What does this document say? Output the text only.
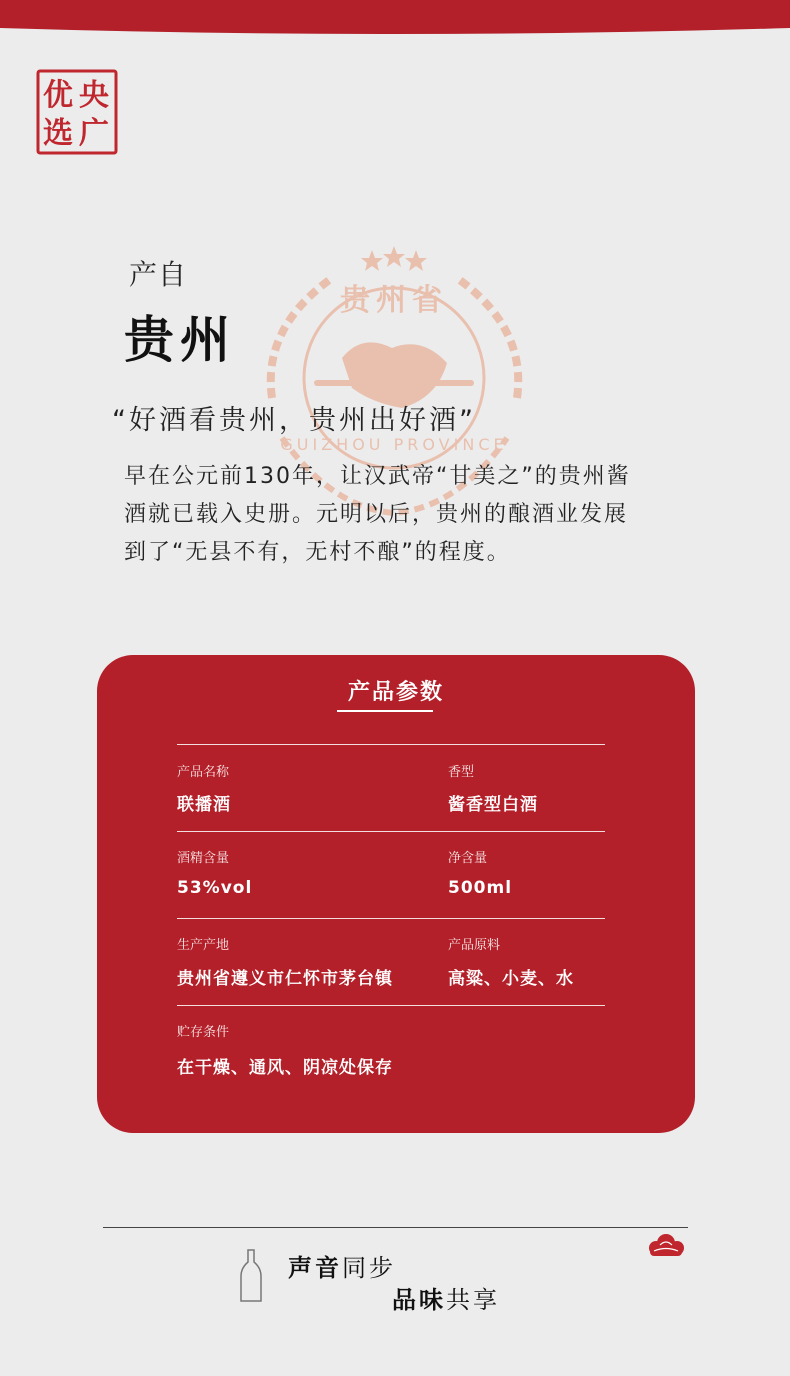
央
广
优
选
贵州省
GUIZHOU PROVINCE
产自
贵州
“好酒看贵州，贵州出好酒”
早在公元前130年，让汉武帝“甘美之”的贵州酱酒就已载入史册。元明以后，贵州的酿酒业发展到了“无县不有，无村不酿”的程度。
产品参数
产品名称
联播酒
香型
酱香型白酒
酒精含量
53%vol
净含量
500ml
生产产地
贵州省遵义市仁怀市茅台镇
产品原料
高粱、小麦、水
贮存条件
在干燥、通风、阴凉处保存
声音同步
品味共享
